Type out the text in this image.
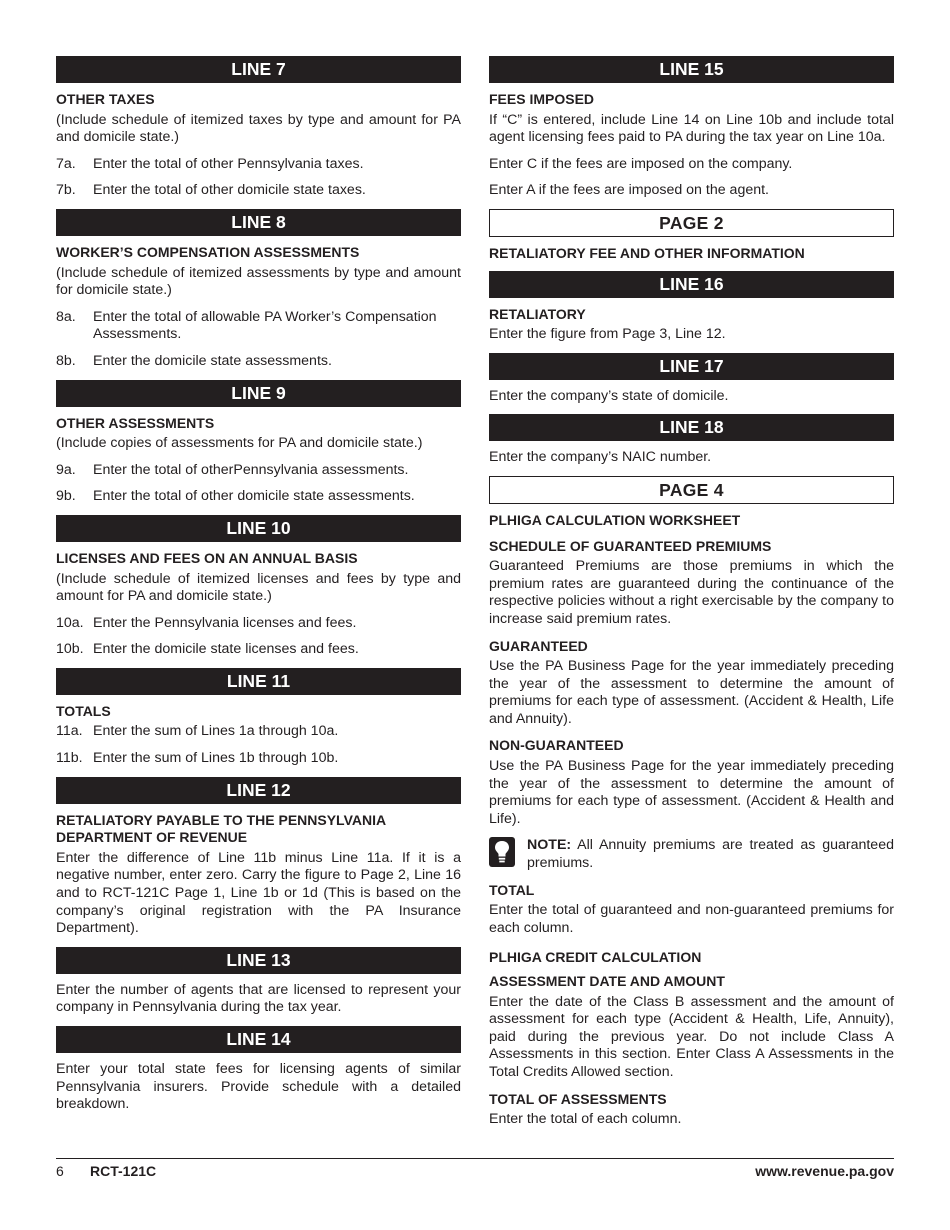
LINE 7
OTHER TAXES

(Include schedule of itemized taxes by type and amount for PA and domicile state.)

7a.	Enter the total of other Pennsylvania taxes.
7b.	Enter the total of other domicile state taxes.
LINE 8
WORKER’S COMPENSATION ASSESSMENTS

(Include schedule of itemized assessments by type and amount for domicile state.)

8a.	Enter the total of allowable PA Worker’s Compensation Assessments.
8b.	Enter the domicile state assessments.
LINE 9
OTHER ASSESSMENTS

(Include copies of assessments for PA and domicile state.)

9a.	Enter the total of otherPennsylvania assessments.
9b.	Enter the total of other domicile state assessments.
LINE 10
LICENSES AND FEES ON AN ANNUAL BASIS

(Include schedule of itemized licenses and fees by type and amount for PA and domicile state.)

10a. Enter the Pennsylvania licenses and fees.
10b. Enter the domicile state licenses and fees.
LINE 11
TOTALS
11a. Enter the sum of Lines 1a through 10a.
11b. Enter the sum of Lines 1b through 10b.
LINE 12
RETALIATORY PAYABLE TO THE PENNSYLVANIA DEPARTMENT OF REVENUE

Enter the difference of Line 11b minus Line 11a. If it is a negative number, enter zero. Carry the figure to Page 2, Line 16 and to RCT-121C Page 1, Line 1b or 1d (This is based on the company’s original registration with the PA Insurance Department).

LINE 13

Enter the number of agents that are licensed to represent your company in Pennsylvania during the tax year.

LINE 14

Enter your total state fees for licensing agents of similar Pennsylvania insurers. Provide schedule with a detailed breakdown.

LINE 15
FEES IMPOSED

If “C” is entered, include Line 14 on Line 10b and include total agent licensing fees paid to PA during the tax year on Line 10a.

Enter C if the fees are imposed on the company.

Enter A if the fees are imposed on the agent.

PAGE 2
RETALIATORY FEE AND OTHER INFORMATION
LINE 16
RETALIATORY

Enter the figure from Page 3, Line 12.

LINE 17

Enter the company’s state of domicile.

LINE 18

Enter the company’s NAIC number.

PAGE 4
PLHIGA CALCULATION WORKSHEET
SCHEDULE OF GUARANTEED PREMIUMS

Guaranteed Premiums are those premiums in which the premium rates are guaranteed during the continuance of the respective policies without a right exercisable by the company to increase said premium rates.

GUARANTEED

Use the PA Business Page for the year immediately preceding the year of the assessment to determine the amount of premiums for each type of assessment. (Accident & Health, Life and Annuity).

NON-GUARANTEED

Use the PA Business Page for the year immediately preceding the year of the assessment to determine the amount of premiums for each type of assessment. (Accident & Health and Life).

NOTE: All Annuity premiums are treated as guaranteed premiums.
TOTAL

Enter the total of guaranteed and non-guaranteed premiums for each column.

PLHIGA CREDIT CALCULATION
ASSESSMENT DATE AND AMOUNT

Enter the date of the Class B assessment and the amount of assessment for each type (Accident & Health, Life, Annuity), paid during the previous year. Do not include Class A Assessments in this section. Enter Class A Assessments in the Total Credits Allowed section.

TOTAL OF ASSESSMENTS

Enter the total of each column.

6 RCT-121C	www.revenue.pa.gov
